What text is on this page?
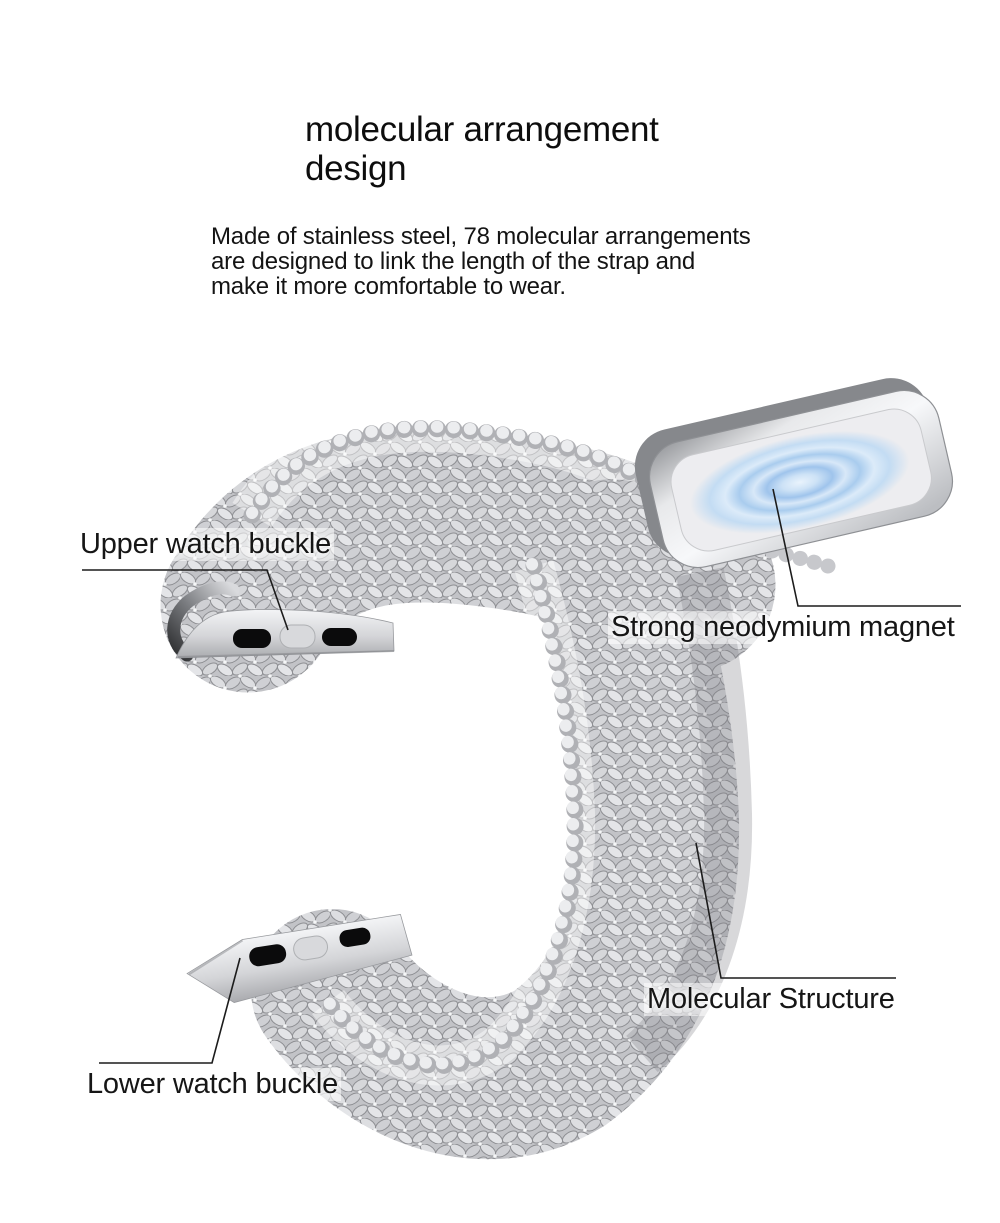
molecular arrangement
design
Made of stainless steel, 78 molecular arrangements
are designed to link the length of the strap and
make it more comfortable to wear.
Upper watch buckle
Strong neodymium magnet
Molecular Structure
Lower watch buckle
